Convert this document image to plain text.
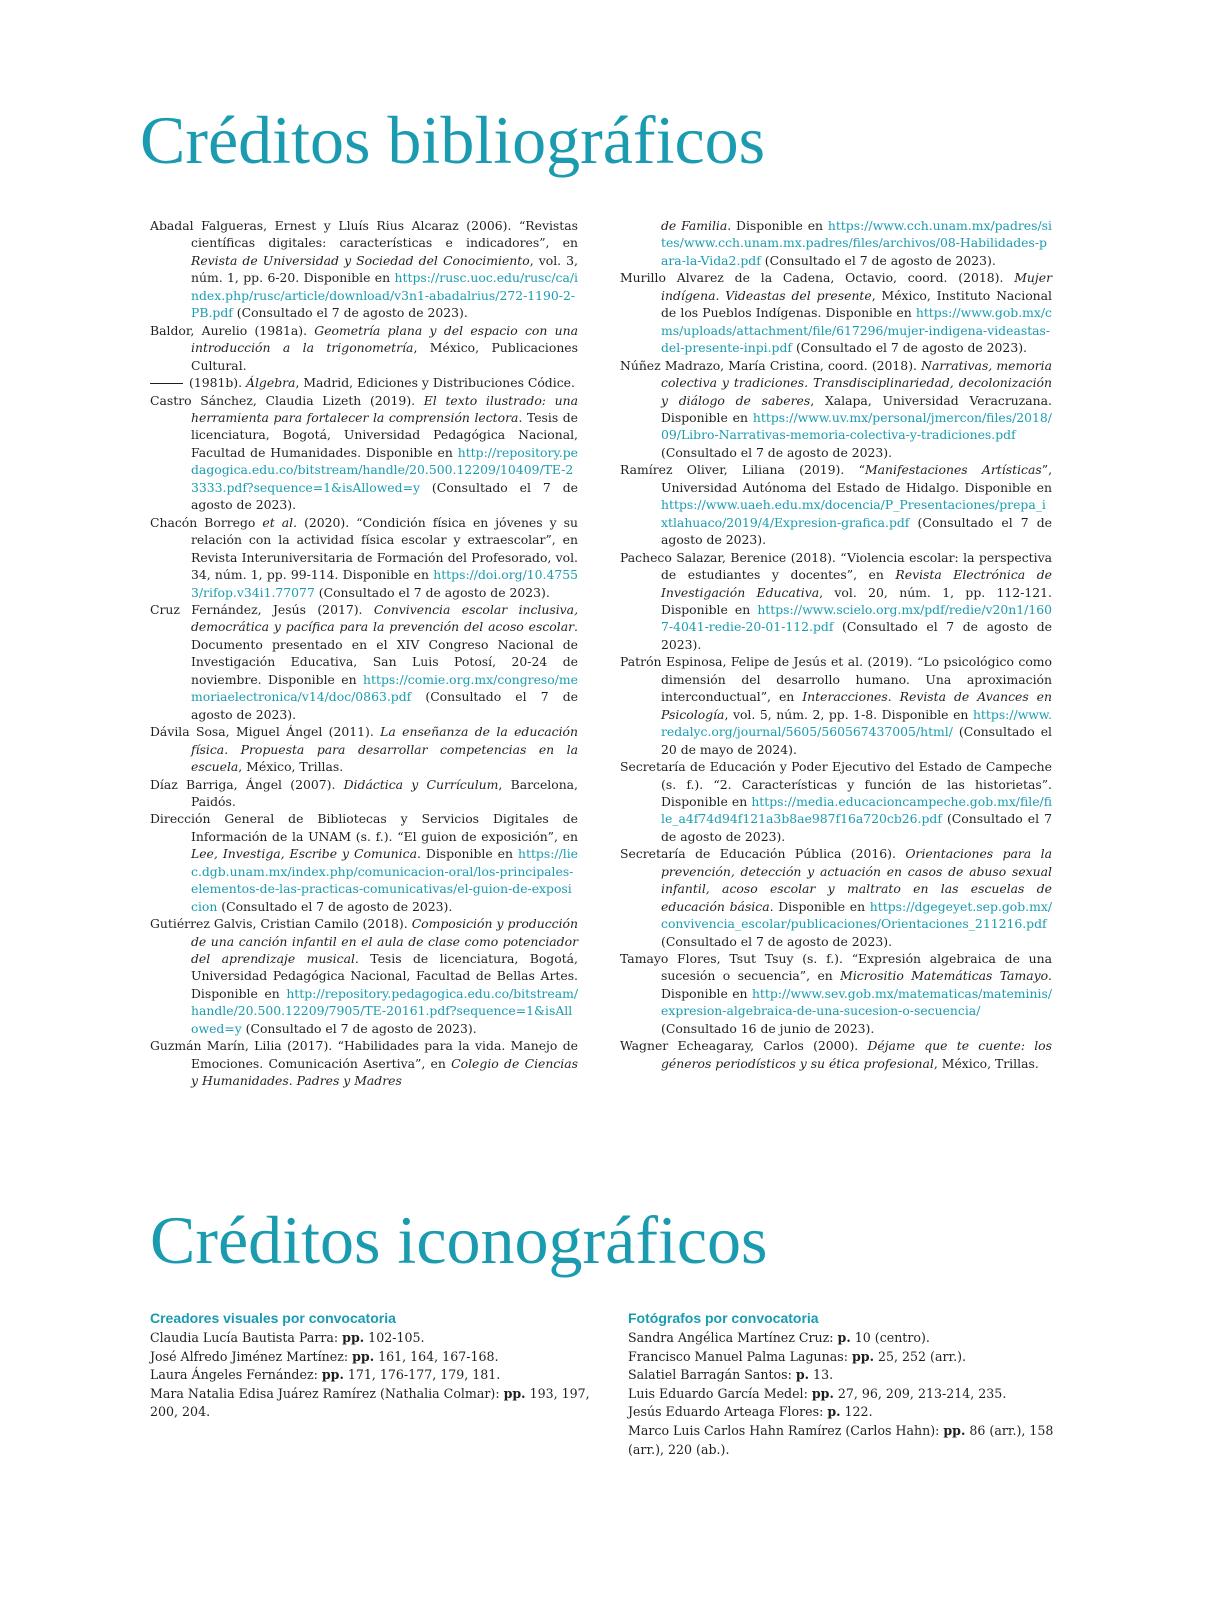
Créditos bibliográficos

Abadal Falgueras, Ernest y Lluís Rius Alcaraz (2006). “Revistas científicas digitales: características e indicadores”, en Revista de Universidad y Sociedad del Conocimiento, vol. 3, núm. 1, pp. 6-20. Disponible en https://rusc.uoc.edu/rusc/ca/index.php/rusc/article/download/v3n1-abadalrius/272-1190-2-PB.pdf (Consultado el 7 de agosto de 2023).

Baldor, Aurelio (1981a). Geometría plana y del espacio con una introducción a la trigonometría, México, Publicaciones Cultural.

(1981b). Álgebra, Madrid, Ediciones y Distribuciones Códice.

Castro Sánchez, Claudia Lizeth (2019). El texto ilustrado: una herramienta para fortalecer la comprensión lectora. Tesis de licenciatura, Bogotá, Universidad Pedagógica Nacional, Facultad de Humanidades. Disponible en http://repository.pedagogica.edu.co/bitstream/handle/20.500.12209/10409/TE-23333.pdf?sequence=1&isAllowed=y (Consultado el 7 de agosto de 2023).

Chacón Borrego et al. (2020). “Condición física en jóvenes y su relación con la actividad física escolar y extraescolar”, en Revista Interuniversitaria de Formación del Profesorado, vol. 34, núm. 1, pp. 99-114. Disponible en https://doi.org/10.47553/rifop.v34i1.77077 (Consultado el 7 de agosto de 2023).

Cruz Fernández, Jesús (2017). Convivencia escolar inclusiva, democrática y pacífica para la prevención del acoso escolar. Documento presentado en el XIV Congreso Nacional de Investigación Educativa, San Luis Potosí, 20-24 de noviembre. Disponible en https://comie.org.mx/congreso/memoriaelectronica/v14/doc/0863.pdf (Consultado el 7 de agosto de 2023).

Dávila Sosa, Miguel Ángel (2011). La enseñanza de la educación física. Propuesta para desarrollar competencias en la escuela, México, Trillas.

Díaz Barriga, Ángel (2007). Didáctica y Currículum, Barcelona, Paidós.

Dirección General de Bibliotecas y Servicios Digitales de Información de la UNAM (s. f.). “El guion de exposición”, en Lee, Investiga, Escribe y Comunica. Disponible en https://liec.dgb.unam.mx/index.php/comunicacion-oral/los-principales-elementos-de-las-practicas-comunicativas/el-guion-de-exposicion (Consultado el 7 de agosto de 2023).

Gutiérrez Galvis, Cristian Camilo (2018). Composición y producción de una canción infantil en el aula de clase como potenciador del aprendizaje musical. Tesis de licenciatura, Bogotá, Universidad Pedagógica Nacional, Facultad de Bellas Artes. Disponible en http://repository.pedagogica.edu.co/bitstream/handle/20.500.12209/7905/TE-20161.pdf?sequence=1&isAllowed=y (Consultado el 7 de agosto de 2023).

Guzmán Marín, Lilia (2017). “Habilidades para la vida. Manejo de Emociones. Comunicación Asertiva”, en Colegio de Ciencias y Humanidades. Padres y Madres

de Familia. Disponible en https://www.cch.unam.mx/padres/sites/www.cch.unam.mx.padres/files/archivos/08-Habilidades-para-la-Vida2.pdf (Consultado el 7 de agosto de 2023).

Murillo Alvarez de la Cadena, Octavio, coord. (2018). Mujer indígena. Videastas del presente, México, Instituto Nacional de los Pueblos Indígenas. Disponible en https://www.gob.mx/cms/uploads/attachment/file/617296/mujer-indigena-videastas-del-presente-inpi.pdf (Consultado el 7 de agosto de 2023).

Núñez Madrazo, María Cristina, coord. (2018). Narrativas, memoria colectiva y tradiciones. Transdisciplinariedad, decolonización y diálogo de saberes, Xalapa, Universidad Veracruzana. Disponible en https://www.uv.mx/personal/jmercon/files/2018/09/Libro-Narrativas-memoria-colectiva-y-tradiciones.pdf (Consultado el 7 de agosto de 2023).

Ramírez Oliver, Liliana (2019). “Manifestaciones Artísticas”, Universidad Autónoma del Estado de Hidalgo. Disponible en https://www.uaeh.edu.mx/docencia/P_Presentaciones/prepa_ixtlahuaco/2019/4/Expresion-grafica.pdf (Consultado el 7 de agosto de 2023).

Pacheco Salazar, Berenice (2018). “Violencia escolar: la perspectiva de estudiantes y docentes”, en Revista Electrónica de Investigación Educativa, vol. 20, núm. 1, pp. 112-121. Disponible en https://www.scielo.org.mx/pdf/redie/v20n1/1607-4041-redie-20-01-112.pdf (Consultado el 7 de agosto de 2023).

Patrón Espinosa, Felipe de Jesús et al. (2019). “Lo psicológico como dimensión del desarrollo humano. Una aproximación interconductual”, en Interacciones. Revista de Avances en Psicología, vol. 5, núm. 2, pp. 1-8. Disponible en https://www.redalyc.org/journal/5605/560567437005/html/ (Consultado el 20 de mayo de 2024).

Secretaría de Educación y Poder Ejecutivo del Estado de Campeche (s. f.). “2. Características y función de las historietas”. Disponible en https://media.educacioncampeche.gob.mx/file/file_a4f74d94f121a3b8ae987f16a720cb26.pdf (Consultado el 7 de agosto de 2023).

Secretaría de Educación Pública (2016). Orientaciones para la prevención, detección y actuación en casos de abuso sexual infantil, acoso escolar y maltrato en las escuelas de educación básica. Disponible en https://dgegeyet.sep.gob.mx/convivencia_escolar/publicaciones/Orientaciones_211216.pdf (Consultado el 7 de agosto de 2023).

Tamayo Flores, Tsut Tsuy (s. f.). “Expresión algebraica de una sucesión o secuencia”, en Micrositio Matemáticas Tamayo. Disponible en http://www.sev.gob.mx/matematicas/mateminis/expresion-algebraica-de-una-sucesion-o-secuencia/ (Consultado 16 de junio de 2023).

Wagner Echeagaray, Carlos (2000). Déjame que te cuente: los géneros periodísticos y su ética profesional, México, Trillas.

Créditos iconográficos
Creadores visuales por convocatoria

Claudia Lucía Bautista Parra: pp. 102-105.

José Alfredo Jiménez Martínez: pp. 161, 164, 167-168.

Laura Ángeles Fernández: pp. 171, 176-177, 179, 181.

Mara Natalia Edisa Juárez Ramírez (Nathalia Colmar): pp. 193, 197, 200, 204.

Fotógrafos por convocatoria

Sandra Angélica Martínez Cruz: p. 10 (centro).

Francisco Manuel Palma Lagunas: pp. 25, 252 (arr.).

Salatiel Barragán Santos: p. 13.

Luis Eduardo García Medel: pp. 27, 96, 209, 213-214, 235.

Jesús Eduardo Arteaga Flores: p. 122.

Marco Luis Carlos Hahn Ramírez (Carlos Hahn): pp. 86 (arr.), 158 (arr.), 220 (ab.).
